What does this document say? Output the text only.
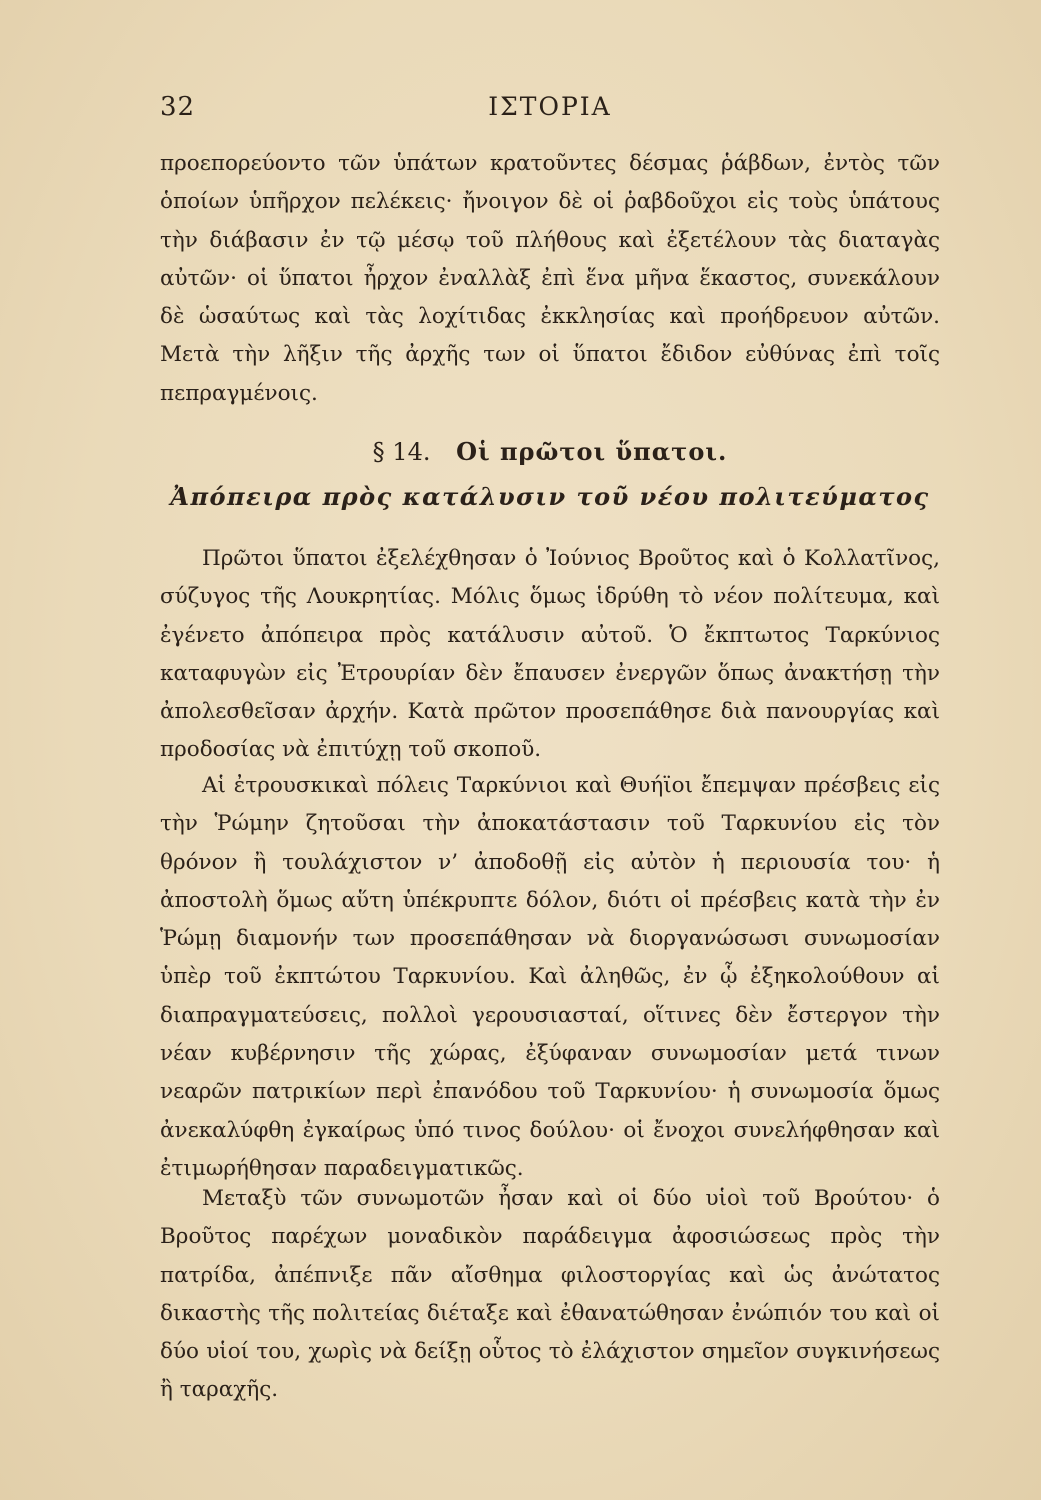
32	ΙΣΤΟΡΙΑ

προεπορεύοντο τῶν ὑπάτων κρατοῦντες δέσμας ῥάβδων, ἐντὸς τῶν ὁποίων ὑπῆρχον πελέκεις· ἤνοιγον δὲ οἱ ῥαβδοῦχοι εἰς τοὺς ὑπάτους τὴν διάβασιν ἐν τῷ μέσῳ τοῦ πλήθους καὶ ἐξετέλουν τὰς διαταγὰς αὐτῶν· οἱ ὕπατοι ἦρχον ἐναλλὰξ ἐπὶ ἕνα μῆνα ἕκαστος, συνεκάλουν δὲ ὡσαύτως καὶ τὰς λοχίτιδας ἐκκλησίας καὶ προήδρευον αὐτῶν. Μετὰ τὴν λῆξιν τῆς ἀρχῆς των οἱ ὕπατοι ἔδιδον εὐθύνας ἐπὶ τοῖς πεπραγμένοις.

§ 14. Οἱ πρῶτοι ὕπατοι.
Ἀπόπειρα πρὸς κατάλυσιν τοῦ νέου πολιτεύματος

Πρῶτοι ὕπατοι ἐξελέχθησαν ὁ Ἰούνιος Βροῦτος καὶ ὁ Κολλατῖνος, σύζυγος τῆς Λουκρητίας. Μόλις ὅμως ἱδρύθη τὸ νέον πολίτευμα, καὶ ἐγένετο ἀπόπειρα πρὸς κατάλυσιν αὐτοῦ. Ὁ ἔκπτωτος Ταρκύνιος καταφυγὼν εἰς Ἐτρουρίαν δὲν ἔπαυσεν ἐνεργῶν ὅπως ἀνακτήσῃ τὴν ἀπολεσθεῖσαν ἀρχήν. Κατὰ πρῶτον προσεπάθησε διὰ πανουργίας καὶ προδοσίας νὰ ἐπιτύχῃ τοῦ σκοποῦ.

Αἱ ἐτρουσκικαὶ πόλεις Ταρκύνιοι καὶ Θυήϊοι ἔπεμψαν πρέσβεις εἰς τὴν Ῥώμην ζητοῦσαι τὴν ἀποκατάστασιν τοῦ Ταρκυνίου εἰς τὸν θρόνον ἢ τουλάχιστον ν’ ἀποδοθῇ εἰς αὐτὸν ἡ περιουσία του· ἡ ἀποστολὴ ὅμως αὕτη ὑπέκρυπτε δόλον, διότι οἱ πρέσβεις κατὰ τὴν ἐν Ῥώμῃ διαμονήν των προσεπάθησαν νὰ διοργανώσωσι συνωμοσίαν ὑπὲρ τοῦ ἐκπτώτου Ταρκυνίου. Καὶ ἀληθῶς, ἐν ᾧ ἐξηκολούθουν αἱ διαπραγματεύσεις, πολλοὶ γερουσιασταί, οἵτινες δὲν ἔστεργον τὴν νέαν κυβέρνησιν τῆς χώρας, ἐξύφαναν συνωμοσίαν μετά τινων νεαρῶν πατρικίων περὶ ἐπανόδου τοῦ Ταρκυνίου· ἡ συνωμοσία ὅμως ἀνεκαλύφθη ἐγκαίρως ὑπό τινος δούλου· οἱ ἔνοχοι συνελήφθησαν καὶ ἐτιμωρήθησαν παραδειγματικῶς.

Μεταξὺ τῶν συνωμοτῶν ἦσαν καὶ οἱ δύο υἱοὶ τοῦ Βρούτου· ὁ Βροῦτος παρέχων μοναδικὸν παράδειγμα ἀφοσιώσεως πρὸς τὴν πατρίδα, ἀπέπνιξε πᾶν αἴσθημα φιλοστοργίας καὶ ὡς ἀνώτατος δικαστὴς τῆς πολιτείας διέταξε καὶ ἐθανατώθησαν ἐνώπιόν του καὶ οἱ δύο υἱοί του, χωρὶς νὰ δείξῃ οὗτος τὸ ἐλάχιστον σημεῖον συγκινήσεως ἢ ταραχῆς.
